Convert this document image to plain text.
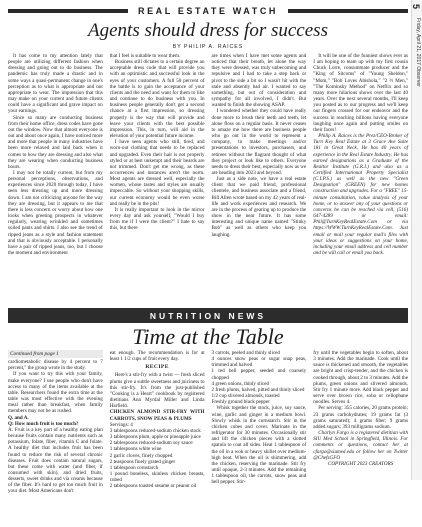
5
Friday, April 21, 2017 Observer
REAL ESTATE WATCH
Agents should dress for success
BY PHILIP A. RAICES

It has come to my attention lately that people are utilizing different fashion when dressing and going out to do business. The pandemic has truly made a drastic and in some ways a quasi-permanent change in one's perception as to what is appropriate and not appropriate to wear. The impression that this may make on your current and future clients could have a significant and grave impact on your earnings.

Since so many are conducting business from their home office, dress codes have gone out the window. Now that almost everyone is out and about once again, I have noticed more and more that people in many industries have been more relaxed and laid back when it comes to how they are dressing and also what they are wearing when conducting business hours.

I may not be totally current, but from my personal perceptions, observations, and experiences since 2020 through today, I have seen less dressing up and more dressing down. I am not criticizing anyone for the way they are dressing, but it appears to me that there is less concern or worry about how one looks when greeting prospects in whatever regularly, wearing wrinkled and sometimes soiled pants and shirts. I also see the trend of ripped jeans as a style and fashion statement and that is obviously acceptable. I personally have a pair of ripped jeans, too, but I choose the moment and environment

that I feel is suitable to wear them.

Business still dictates to a certain degree an acceptable dress code that will provide you with an optimistic and successful look in the eyes of your customers. A full 50 percent of the battle is to gain the acceptance of your clients and the need and want for them to like and continue to do business with you. In business people generally don't get a second chance at a first impression, so dressing properly is the way that will provide and leave your clients with the best possible impression. This, in turn, will aid in the elevation of your potential future income.

I have seen agents who still, tired, and worn-out clothing that needs to be replaced and upgraded. Even their hair is not properly styled or at best unkempt and their beards are not trimmed. Don't get me wrong, as these occurrences and instances aren't the norm. Most agents are dressed well, especially the women, whose tastes and styles are usually impeccable. So without your shopping skills, our current economy would be even worse and really be in the pits!

It is really important to look in the mirror every day and ask yourself, "Would I buy from me if I were the client?" I hate to say this, but there

are times when I have met some agents and noticed that their breath, let alone the way they were dressed, was truly unbecoming and repulsive and I had to take a step back or pivot to the side a bit so I wasn't hit with the stale and absently bad air. I wanted to say something, but out of consideration and sympathy for all involved, I didn't. But wanted to finish the showing ASAP.

I wondered whether they could have really done more to brush their teeth and teeth, let alone floss on a regular basis. It never ceases to amaze me how there are business people who go out in the world to represent a company, to make meetings and/or presentations to investors, purchasers, and retirees without the flagrant thought of what they project or look like to others. Everyone needs to dress their best, especially now as we are heading into 2023 and beyond.

Just as a side note, we have a real estate client that we paid friend, professional clientele, and business associate and a friend, Bill Allen wrote based on my 42 years of real-life and work experiences and research. We are in the process of gearing up to produce the show in the near future. It has some interesting and unique name named "Stinky Bob" as well as others who keep you laughing.

It will be one of the funniest shows ever as I am hoping to team up with my first cousin Chuck Lorre, consummate producer and the "King of Sitcoms" of "Young Sheldon," "Mom," "Bob Loves Abishola," "2 ½ Men," "The Kominsky Method" on Netflix and so many more hilarious shows over the last 40 years. Over the next several months, I'll keep you posted as to our progress and we'll keep our fingers crossed for our endeavor and the success in reaching billions having everyone laughing once again and putting smiles on their faces!

Philip A. Raices is the Prez/CEO-Broker of Turn Key Real Estate at 3 Grace Ave Suite 181 in Great Neck. He has 40 years of experience in the Real Estate Industry. He has earned designations as a Graduate of the Realtor Institute (G.R.I.) and also as a Certified International Property Specialist (C.I.P.S.) as well as the new "Green Designation" (GREEN) for new homes construction and upgrades. For a "FREE" 15-minute consultation, value analysis of your home, or to answer any of your questions or concerns he can be reached via cell, (516) 647-4289 or email: Phil@TurnKeyRealEstate.Com or via https://WWW.TurnKeyRealEstate.Com. Just email or mail your regular mail's files with your ideas or suggestions on your home, including your email address and cell number and he will call or email you back.

NUTRITION NEWS
Time at the Table
Continued from page 1

cardiometabolic disease by 4 percent to 7 percent," the group wrote in the study.

If you want to try this with your family, make everyone? I use people who don't have access to many of the items available at the table. Researchers found the extra time at the table was most effective with the evening meal rather than breakfast, when family members may not be as rushed.

Q. and A.

Q: How much fruit is too much?

A: Fruit is a key part of a healthy eating plan because fruits contain many nutrients such as potassium, folate, fiber, vitamin C and folate. A healthy diet that includes fruit has been found to reduce the risk of several chronic diseases. Fruit does contain natural sugars, but these come with water (and fiber, if consumed with skin), and dried fruits, desserts, sweet drinks and via creams because of the fiber. It's hard to get too much fruit in your diet. Most Americans don't

eat enough. The recommendation is for at least 1 1/2 cups of fruit every day.

RECIPE

Here's a stir-fry with a twist — fresh sliced plums give a subtle sweetness and juiciness to this stir-fry. It's from the just-published "Cooking is a Heart" cookbook by registered dietitians Ann Myrdal Miller and Linda Harfield.

CHICKEN ALMOND STIR-FRY WITH CARROTS, SNOW PEAS & PLUMS

Servings: 4

3 tablespoons reduced-sodium chicken stock

3 tablespoons plum, apple or pineapple juice

2 tablespoons reduced-sodium soy sauce

1 tablespoons white wine

2 garlic cloves, finely chopped

2 teaspoons finely grated ginger

1 tablespoon cornstarch

1 pound boneless, skinless chicken breasts, cubed

2 tablespoons toasted sesame or peanut oil

3 carrots, peeled and thinly sliced

4 ounces snow peas or sugar snap peas, trimmed and halved

1 red bell pepper, seeded and coarsely chopped

4 green onions, thinly sliced

2 fresh plums, halved, pitted and thinly sliced

1/2 cup slivered almonds, toasted

Freshly ground black pepper

Whisk together the stock, juice, soy sauce, wine, garlic and ginger in a medium bowl. Slowly whisk in the cornstarch. Stir in the chicken cubes and cover. Marinate in the refrigerator for 30 minutes. Occasionally stir and lift the chicken pieces with a slotted spatula to coat all sides. Heat 1 tablespoon of the oil in a wok or heavy skillet over medium-high heat. When the oil is shimmering, add the chicken, reserving the marinade. Stir fry until opaque, 2-3 minutes. Add the remaining 1 tablespoon oil, the carrots, snow peas and bell pepper. Stir-

fry until the vegetables begin to soften, about 3 minutes. Add the marinade. Cook until the sauce is thickened and smooth, the vegetables are bright and crisp-tender, and the chicken is cooked through, about 2 to 3 minutes. Add the plums, green onions and slivered almonds. Stir fry 1 minute more. Add black pepper and serve over brown rice, soba or cellophane noodles. Serves 4.

Per serving: 355 calories, 20 grams protein; 23 grams carbohydrates; 19 grams fat (3 grams saturated); 4 grams fiber; 9 grams added sugars; 393 milligrams sodium.

Charlyn Fargo is a registered dietitian with SIU Med School in Springfield, Illinois. For comments or questions, contact her at cfargo@siumed.edu or follow her on Twitter @ChefsGFO

COPYRIGHT 2023 CREATORS
